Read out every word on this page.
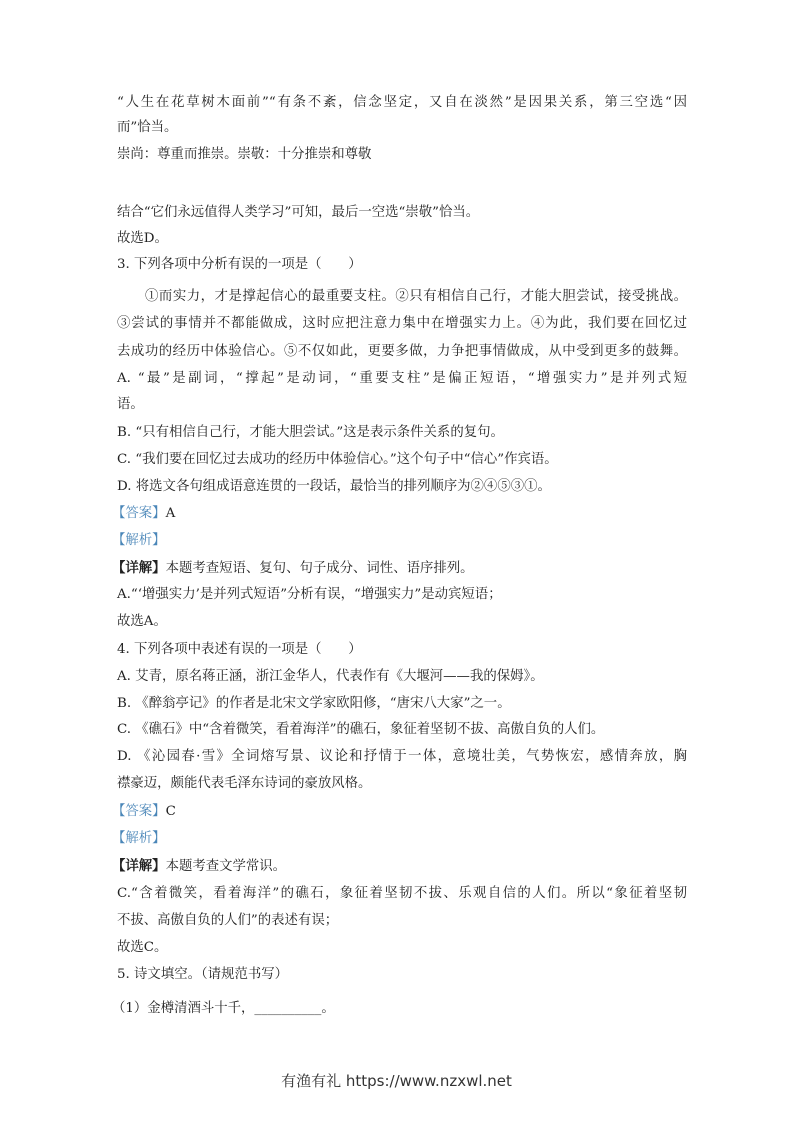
“人生在花草树木面前”“有条不紊，信念坚定，又自在淡然”是因果关系，第三空选“因
而”恰当。
崇尚：尊重而推崇。崇敬：十分推崇和尊敬
结合“它们永远值得人类学习”可知，最后一空选“崇敬”恰当。
故选D。
3. 下列各项中分析有误的一项是（　　）
①而实力，才是撑起信心的最重要支柱。②只有相信自己行，才能大胆尝试，接受挑战。
③尝试的事情并不都能做成，这时应把注意力集中在增强实力上。④为此，我们要在回忆过
去成功的经历中体验信心。⑤不仅如此，更要多做，力争把事情做成，从中受到更多的鼓舞。
A. “最”是副词，“撑起”是动词，“重要支柱”是偏正短语，“增强实力”是并列式短
语。
B. “只有相信自己行，才能大胆尝试。”这是表示条件关系的复句。
C. “我们要在回忆过去成功的经历中体验信心。”这个句子中“信心”作宾语。
D. 将选文各句组成语意连贯的一段话，最恰当的排列顺序为②④⑤③①。
【答案】A
【解析】
【详解】本题考查短语、复句、句子成分、词性、语序排列。
A.“‘增强实力’是并列式短语”分析有误，“增强实力”是动宾短语；
故选A。
4. 下列各项中表述有误的一项是（　　）
A. 艾青，原名蒋正涵，浙江金华人，代表作有《大堰河——我的保姆》。
B. 《醉翁亭记》的作者是北宋文学家欧阳修，“唐宋八大家”之一。
C. 《礁石》中“含着微笑，看着海洋”的礁石，象征着坚韧不拔、高傲自负的人们。
D. 《沁园春·雪》全词熔写景、议论和抒情于一体，意境壮美，气势恢宏，感情奔放，胸
襟豪迈，颇能代表毛泽东诗词的豪放风格。
【答案】C
【解析】
【详解】本题考查文学常识。
C.“含着微笑，看着海洋”的礁石，象征着坚韧不拔、乐观自信的人们。所以“象征着坚韧
不拔、高傲自负的人们”的表述有误；
故选C。
5. 诗文填空。（请规范书写）
（1）金樽清酒斗十千，__________。
有渔有礼 https://www.nzxwl.net
